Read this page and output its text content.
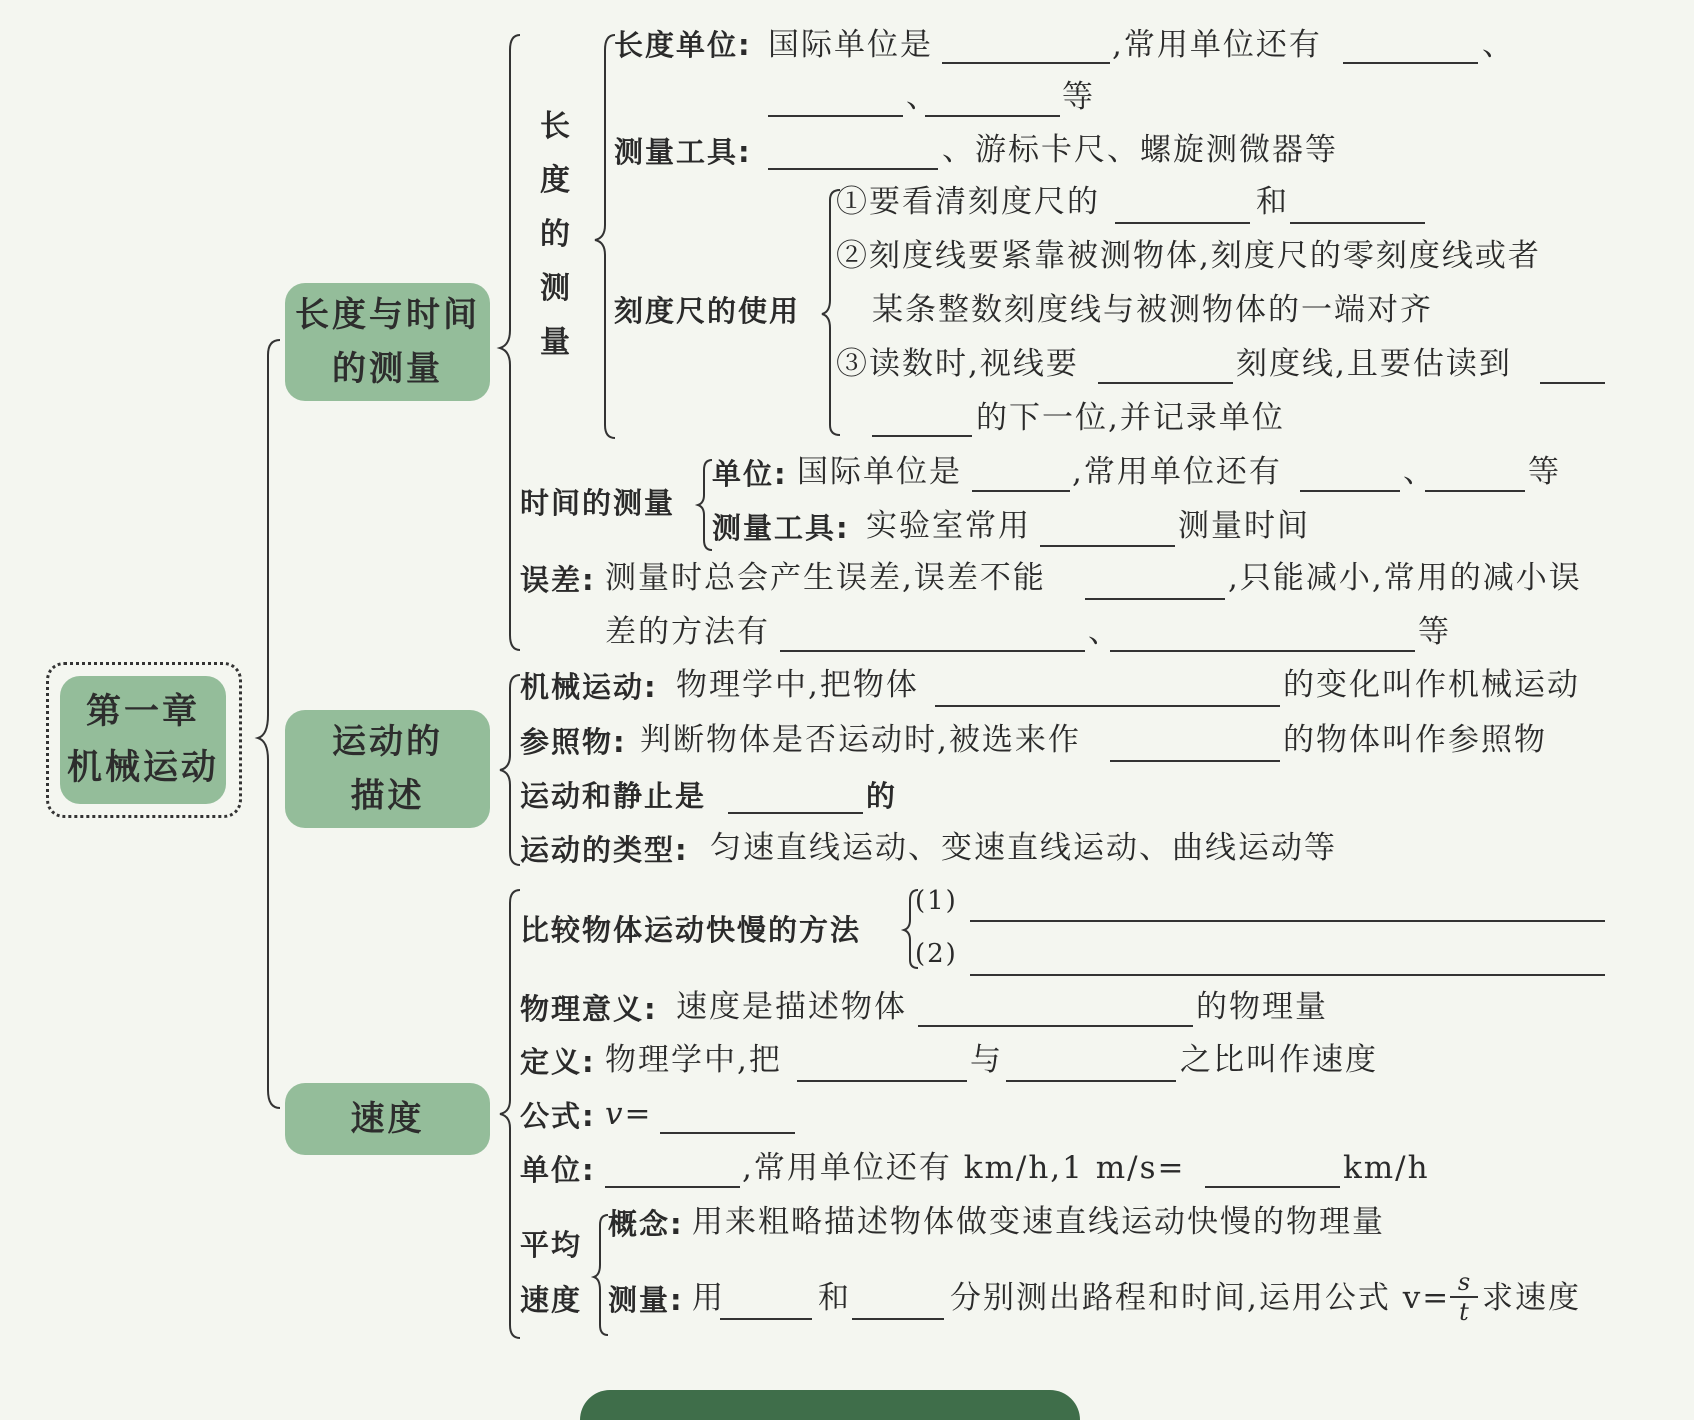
第一章
机械运动
长度与时间
的测量
运动的
描述
速度
长
度
的
测
量
长度单位: 国际单位是	,常用单位还有	、
、	等
测量工具:	、游标卡尺、螺旋测微器等
刻度尺的使用
①要看清刻度尺的	和
②刻度线要紧靠被测物体,刻度尺的零刻度线或者
某条整数刻度线与被测物体的一端对齐
③读数时,视线要	刻度线,且要估读到
的下一位,并记录单位
时间的测量
单位: 国际单位是	,常用单位还有	、	等
测量工具: 实验室常用	测量时间
误差: 测量时总会产生误差,误差不能	,只能减小,常用的减小误
差的方法有	、	等
机械运动: 物理学中,把物体	的变化叫作机械运动
参照物: 判断物体是否运动时,被选来作	的物体叫作参照物
运动和静止是	的
运动的类型: 匀速直线运动、变速直线运动、曲线运动等
比较物体运动快慢的方法
(1)
(2)
物理意义: 速度是描述物体	的物理量
定义: 物理学中,把	与	之比叫作速度
公式: v=
单位:	,常用单位还有 km/h,1 m/s=	km/h
平均
速度
概念: 用来粗略描述物体做变速直线运动快慢的物理量
测量: 用	和	分别测出路程和时间,运用公式 $v= \frac{s}{t}$ 求速度
